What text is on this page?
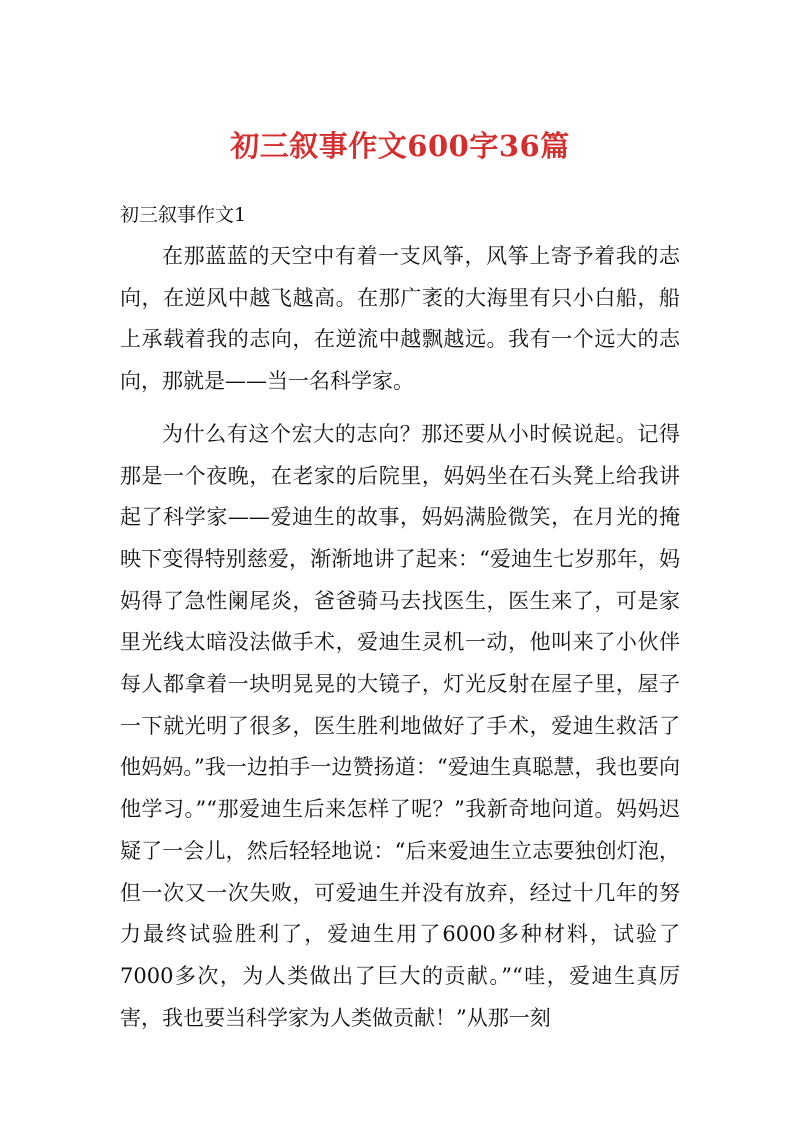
初三叙事作文600字36篇
初三叙事作文1

在那蓝蓝的天空中有着一支风筝，风筝上寄予着我的志向，在逆风中越飞越高。在那广袤的大海里有只小白船，船上承载着我的志向，在逆流中越飘越远。我有一个远大的志向，那就是——当一名科学家。

为什么有这个宏大的志向？那还要从小时候说起。记得那是一个夜晚，在老家的后院里，妈妈坐在石头凳上给我讲起了科学家——爱迪生的故事，妈妈满脸微笑，在月光的掩映下变得特别慈爱，渐渐地讲了起来：“爱迪生七岁那年，妈妈得了急性阑尾炎，爸爸骑马去找医生，医生来了，可是家里光线太暗没法做手术，爱迪生灵机一动，他叫来了小伙伴每人都拿着一块明晃晃的大镜子，灯光反射在屋子里，屋子一下就光明了很多，医生胜利地做好了手术，爱迪生救活了他妈妈。”我一边拍手一边赞扬道：“爱迪生真聪慧，我也要向他学习。”“那爱迪生后来怎样了呢？”我新奇地问道。妈妈迟疑了一会儿，然后轻轻地说：“后来爱迪生立志要独创灯泡，但一次又一次失败，可爱迪生并没有放弃，经过十几年的努力最终试验胜利了，爱迪生用了6000多种材料，试验了7000多次，为人类做出了巨大的贡献。”“哇，爱迪生真厉害，我也要当科学家为人类做贡献！”从那一刻
